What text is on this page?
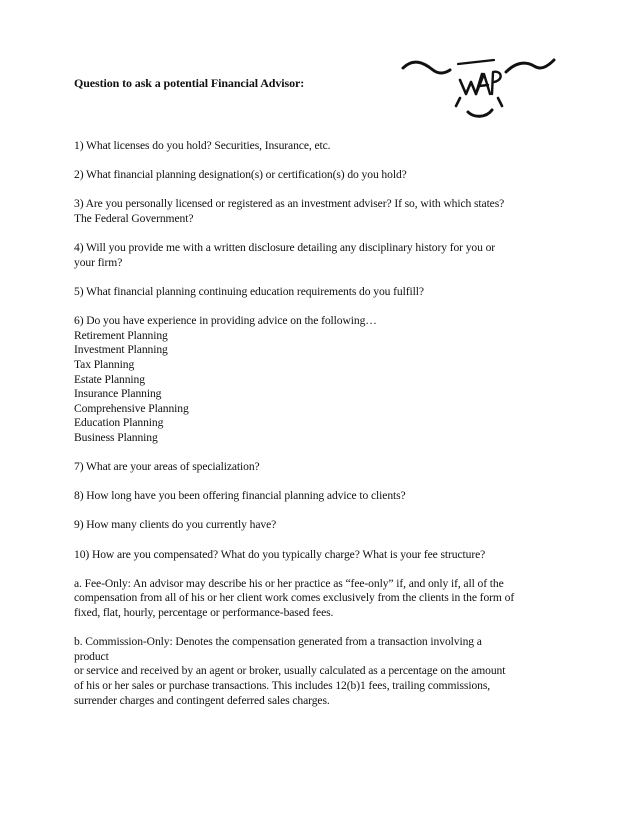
Question to ask a potential Financial Advisor:
1) What licenses do you hold? Securities, Insurance, etc.
2) What financial planning designation(s) or certification(s) do you hold?
3) Are you personally licensed or registered as an investment adviser? If so, with which states?
The Federal Government?
4) Will you provide me with a written disclosure detailing any disciplinary history for you or
your firm?
5) What financial planning continuing education requirements do you fulfill?
6) Do you have experience in providing advice on the following…
Retirement Planning
Investment Planning
Tax Planning
Estate Planning
Insurance Planning
Comprehensive Planning
Education Planning
Business Planning
7) What are your areas of specialization?
8) How long have you been offering financial planning advice to clients?
9) How many clients do you currently have?
10) How are you compensated? What do you typically charge? What is your fee structure?
a. Fee-Only: An advisor may describe his or her practice as “fee-only” if, and only if, all of the
compensation from all of his or her client work comes exclusively from the clients in the form of
fixed, flat, hourly, percentage or performance-based fees.
b. Commission-Only: Denotes the compensation generated from a transaction involving a
product
or service and received by an agent or broker, usually calculated as a percentage on the amount
of his or her sales or purchase transactions. This includes 12(b)1 fees, trailing commissions,
surrender charges and contingent deferred sales charges.
